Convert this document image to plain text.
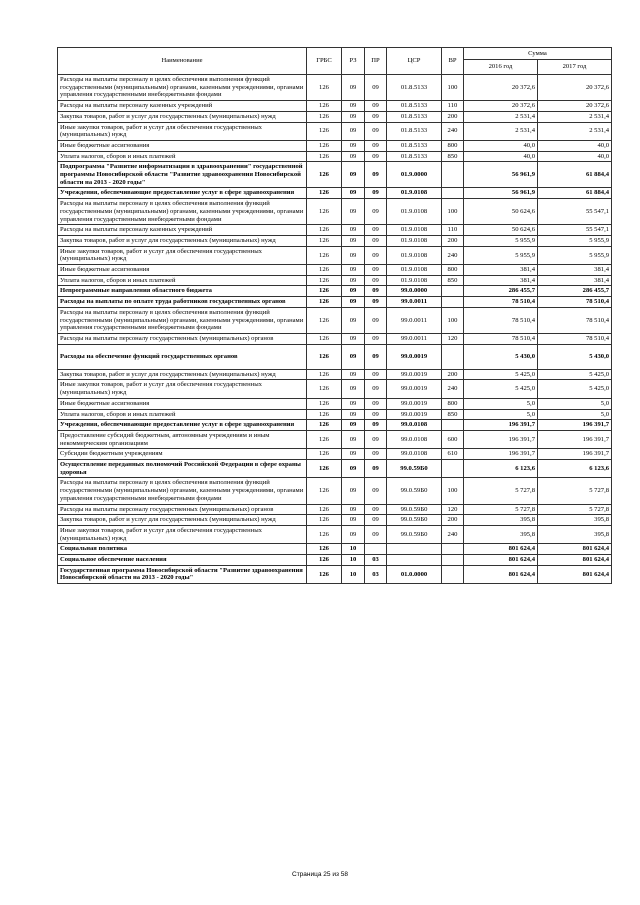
Наименование	ГРБС	РЗ	ПР	ЦСР	ВР	Сумма	
						2016 год	2017 год
Расходы на выплаты персоналу в целях обеспечения выполнения функций государственными (муниципальными) органами, казенными учреждениями, органами управления государственными внебюджетными фондами	126	09	09	01.8.5133	100	20 372,6	20 372,6
Расходы на выплаты персоналу казенных учреждений	126	09	09	01.8.5133	110	20 372,6	20 372,6
Закупка товаров, работ и услуг для государственных (муниципальных) нужд	126	09	09	01.8.5133	200	2 531,4	2 531,4
Иные закупки товаров, работ и услуг для обеспечения государственных (муниципальных) нужд	126	09	09	01.8.5133	240	2 531,4	2 531,4
Иные бюджетные ассигнования	126	09	09	01.8.5133	800	40,0	40,0
Уплата налогов, сборов и иных платежей	126	09	09	01.8.5133	850	40,0	40,0
Подпрограмма "Развитие информатизации в здравоохранении" государственной программы Новосибирской области "Развитие здравоохранения Новосибирской области на 2013 - 2020 годы"	126	09	09	01.9.0000		56 961,9	61 884,4
Учреждения, обеспечивающие предоставление услуг в сфере здравоохранения	126	09	09	01.9.0108		56 961,9	61 884,4
Расходы на выплаты персоналу в целях обеспечения выполнения функций государственными (муниципальными) органами, казенными учреждениями, органами управления государственными внебюджетными фондами	126	09	09	01.9.0108	100	50 624,6	55 547,1
Расходы на выплаты персоналу казенных учреждений	126	09	09	01.9.0108	110	50 624,6	55 547,1
Закупка товаров, работ и услуг для государственных (муниципальных) нужд	126	09	09	01.9.0108	200	5 955,9	5 955,9
Иные закупки товаров, работ и услуг для обеспечения государственных (муниципальных) нужд	126	09	09	01.9.0108	240	5 955,9	5 955,9
Иные бюджетные ассигнования	126	09	09	01.9.0108	800	381,4	381,4
Уплата налогов, сборов и иных платежей	126	09	09	01.9.0108	850	381,4	381,4
Непрограммные направления областного бюджета	126	09	09	99.0.0000		286 455,7	286 455,7
Расходы на выплаты по оплате труда работников государственных органов	126	09	09	99.0.0011		78 510,4	78 510,4
Расходы на выплаты персоналу в целях обеспечения выполнения функций государственными (муниципальными) органами, казенными учреждениями, органами управления государственными внебюджетными фондами	126	09	09	99.0.0011	100	78 510,4	78 510,4
Расходы на выплаты персоналу государственных (муниципальных) органов	126	09	09	99.0.0011	120	78 510,4	78 510,4
Расходы на обеспечение функций государственных органов	126	09	09	99.0.0019		5 430,0	5 430,0
Закупка товаров, работ и услуг для государственных (муниципальных) нужд	126	09	09	99.0.0019	200	5 425,0	5 425,0
Иные закупки товаров, работ и услуг для обеспечения государственных (муниципальных) нужд	126	09	09	99.0.0019	240	5 425,0	5 425,0
Иные бюджетные ассигнования	126	09	09	99.0.0019	800	5,0	5,0
Уплата налогов, сборов и иных платежей	126	09	09	99.0.0019	850	5,0	5,0
Учреждения, обеспечивающие предоставление услуг в сфере здравоохранения	126	09	09	99.0.0108		196 391,7	196 391,7
Предоставление субсидий бюджетным, автономным учреждениям и иным некоммерческим организациям	126	09	09	99.0.0108	600	196 391,7	196 391,7
Субсидии бюджетным учреждениям	126	09	09	99.0.0108	610	196 391,7	196 391,7
Осуществление переданных полномочий Российской Федерации в сфере охраны здоровья	126	09	09	99.0.59Б0		6 123,6	6 123,6
Расходы на выплаты персоналу в целях обеспечения выполнения функций государственными (муниципальными) органами, казенными учреждениями, органами управления государственными внебюджетными фондами	126	09	09	99.0.59Б0	100	5 727,8	5 727,8
Расходы на выплаты персоналу государственных (муниципальных) органов	126	09	09	99.0.59Б0	120	5 727,8	5 727,8
Закупка товаров, работ и услуг для государственных (муниципальных) нужд	126	09	09	99.0.59Б0	200	395,8	395,8
Иные закупки товаров, работ и услуг для обеспечения государственных (муниципальных) нужд	126	09	09	99.0.59Б0	240	395,8	395,8
Социальная политика	126	10				801 624,4	801 624,4
Социальное обеспечение населения	126	10	03			801 624,4	801 624,4
Государственная программа Новосибирской области "Развитие здравоохранения Новосибирской области на 2013 - 2020 годы"	126	10	03	01.0.0000		801 624,4	801 624,4
Страница 25 из 58
